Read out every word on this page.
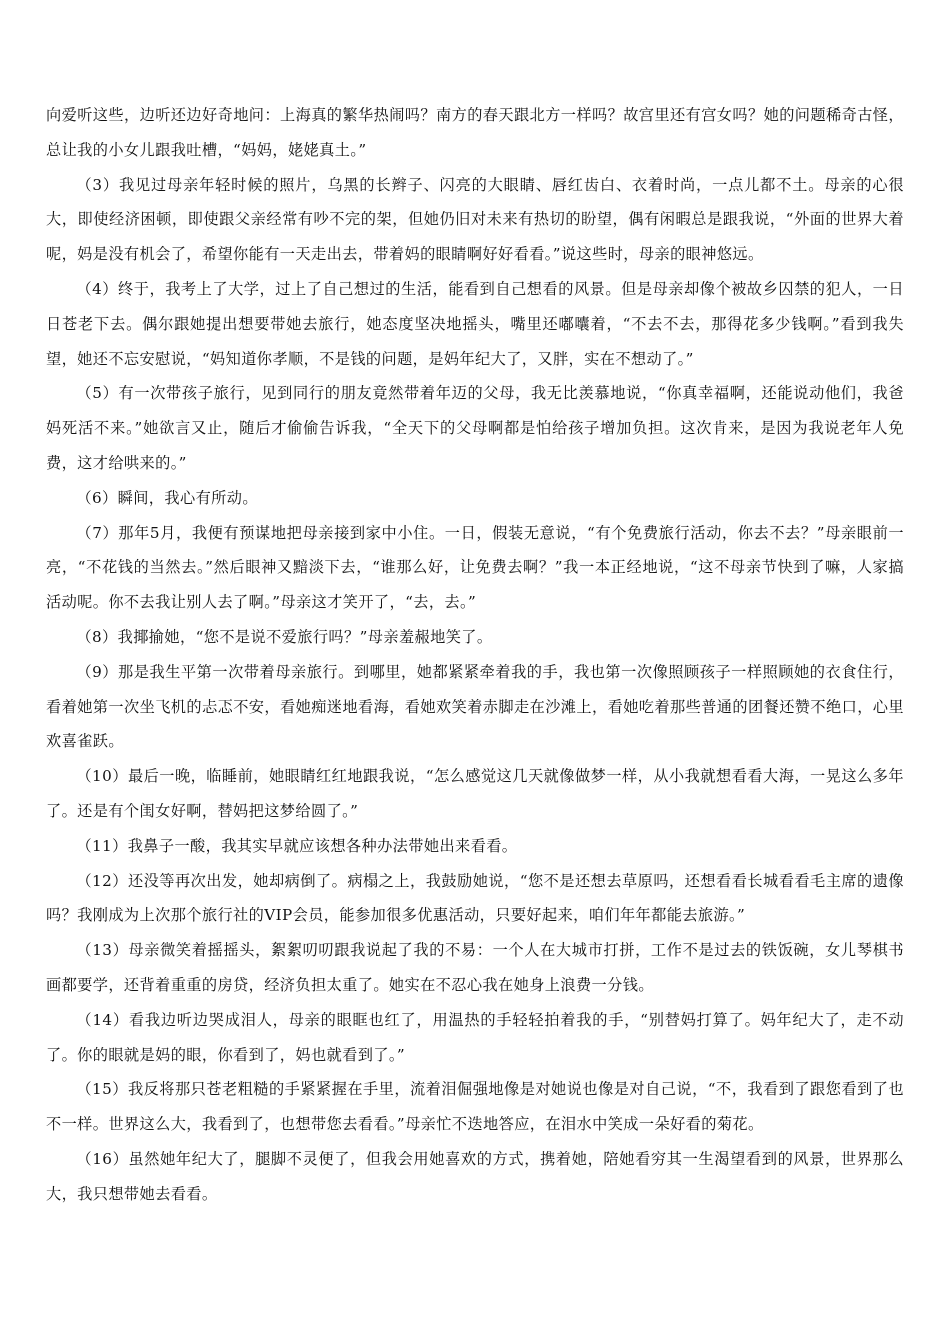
向爱听这些，边听还边好奇地问：上海真的繁华热闹吗？南方的春天跟北方一样吗？故宫里还有宫女吗？她的问题稀奇古怪，总让我的小女儿跟我吐槽，“妈妈，姥姥真土。”

（3）我见过母亲年轻时候的照片，乌黑的长辫子、闪亮的大眼睛、唇红齿白、衣着时尚，一点儿都不土。母亲的心很大，即使经济困顿，即使跟父亲经常有吵不完的架，但她仍旧对未来有热切的盼望，偶有闲暇总是跟我说，“外面的世界大着呢，妈是没有机会了，希望你能有一天走出去，带着妈的眼睛啊好好看看。”说这些时，母亲的眼神悠远。

（4）终于，我考上了大学，过上了自己想过的生活，能看到自己想看的风景。但是母亲却像个被故乡囚禁的犯人，一日日苍老下去。偶尔跟她提出想要带她去旅行，她态度坚决地摇头，嘴里还嘟囔着，“不去不去，那得花多少钱啊。”看到我失望，她还不忘安慰说，“妈知道你孝顺，不是钱的问题，是妈年纪大了，又胖，实在不想动了。”

（5）有一次带孩子旅行，见到同行的朋友竟然带着年迈的父母，我无比羡慕地说，“你真幸福啊，还能说动他们，我爸妈死活不来。”她欲言又止，随后才偷偷告诉我，“全天下的父母啊都是怕给孩子增加负担。这次肯来，是因为我说老年人免费，这才给哄来的。”

（6）瞬间，我心有所动。

（7）那年5月，我便有预谋地把母亲接到家中小住。一日，假装无意说，“有个免费旅行活动，你去不去？”母亲眼前一亮，“不花钱的当然去。”然后眼神又黯淡下去，“谁那么好，让免费去啊？”我一本正经地说，“这不母亲节快到了嘛，人家搞活动呢。你不去我让别人去了啊。”母亲这才笑开了，“去，去。”

（8）我揶揄她，“您不是说不爱旅行吗？”母亲羞赧地笑了。

（9）那是我生平第一次带着母亲旅行。到哪里，她都紧紧牵着我的手，我也第一次像照顾孩子一样照顾她的衣食住行，看着她第一次坐飞机的忐忑不安，看她痴迷地看海，看她欢笑着赤脚走在沙滩上，看她吃着那些普通的团餐还赞不绝口，心里欢喜雀跃。

（10）最后一晚，临睡前，她眼睛红红地跟我说，“怎么感觉这几天就像做梦一样，从小我就想看看大海，一晃这么多年了。还是有个闺女好啊，替妈把这梦给圆了。”

（11）我鼻子一酸，我其实早就应该想各种办法带她出来看看。

（12）还没等再次出发，她却病倒了。病榻之上，我鼓励她说，“您不是还想去草原吗，还想看看长城看看毛主席的遗像吗？我刚成为上次那个旅行社的VIP会员，能参加很多优惠活动，只要好起来，咱们年年都能去旅游。”

（13）母亲微笑着摇摇头，絮絮叨叨跟我说起了我的不易：一个人在大城市打拼，工作不是过去的铁饭碗，女儿琴棋书画都要学，还背着重重的房贷，经济负担太重了。她实在不忍心我在她身上浪费一分钱。

（14）看我边听边哭成泪人，母亲的眼眶也红了，用温热的手轻轻拍着我的手，“别替妈打算了。妈年纪大了，走不动了。你的眼就是妈的眼，你看到了，妈也就看到了。”

（15）我反将那只苍老粗糙的手紧紧握在手里，流着泪倔强地像是对她说也像是对自己说，“不，我看到了跟您看到了也不一样。世界这么大，我看到了，也想带您去看看。”母亲忙不迭地答应，在泪水中笑成一朵好看的菊花。

（16）虽然她年纪大了，腿脚不灵便了，但我会用她喜欢的方式，携着她，陪她看穷其一生渴望看到的风景，世界那么大，我只想带她去看看。
